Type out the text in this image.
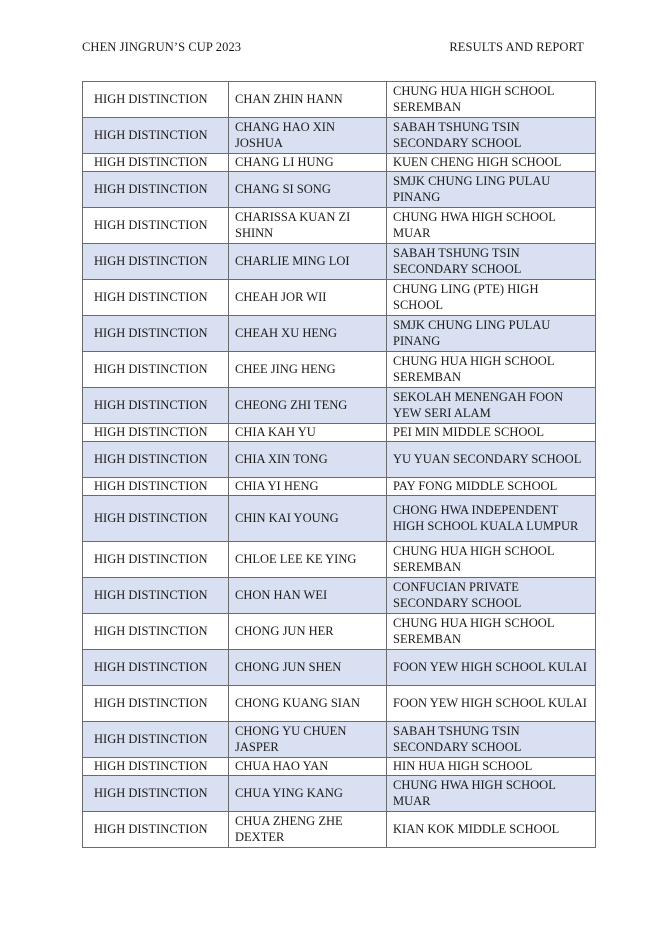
CHEN JINGRUN’S CUP 2023	RESULTS AND REPORT
HIGH DISTINCTION	CHAN ZHIN HANN	CHUNG HUA HIGH SCHOOL SEREMBAN
HIGH DISTINCTION	CHANG HAO XIN JOSHUA	SABAH TSHUNG TSIN SECONDARY SCHOOL
HIGH DISTINCTION	CHANG LI HUNG	KUEN CHENG HIGH SCHOOL
HIGH DISTINCTION	CHANG SI SONG	SMJK CHUNG LING PULAU PINANG
HIGH DISTINCTION	CHARISSA KUAN ZI SHINN	CHUNG HWA HIGH SCHOOL MUAR
HIGH DISTINCTION	CHARLIE MING LOI	SABAH TSHUNG TSIN SECONDARY SCHOOL
HIGH DISTINCTION	CHEAH JOR WII	CHUNG LING (PTE) HIGH SCHOOL
HIGH DISTINCTION	CHEAH XU HENG	SMJK CHUNG LING PULAU PINANG
HIGH DISTINCTION	CHEE JING HENG	CHUNG HUA HIGH SCHOOL SEREMBAN
HIGH DISTINCTION	CHEONG ZHI TENG	SEKOLAH MENENGAH FOON YEW SERI ALAM
HIGH DISTINCTION	CHIA KAH YU	PEI MIN MIDDLE SCHOOL
HIGH DISTINCTION	CHIA XIN TONG	YU YUAN SECONDARY SCHOOL
HIGH DISTINCTION	CHIA YI HENG	PAY FONG MIDDLE SCHOOL
HIGH DISTINCTION	CHIN KAI YOUNG	CHONG HWA INDEPENDENT HIGH SCHOOL KUALA LUMPUR
HIGH DISTINCTION	CHLOE LEE KE YING	CHUNG HUA HIGH SCHOOL SEREMBAN
HIGH DISTINCTION	CHON HAN WEI	CONFUCIAN PRIVATE SECONDARY SCHOOL
HIGH DISTINCTION	CHONG JUN HER	CHUNG HUA HIGH SCHOOL SEREMBAN
HIGH DISTINCTION	CHONG JUN SHEN	FOON YEW HIGH SCHOOL KULAI
HIGH DISTINCTION	CHONG KUANG SIAN	FOON YEW HIGH SCHOOL KULAI
HIGH DISTINCTION	CHONG YU CHUEN JASPER	SABAH TSHUNG TSIN SECONDARY SCHOOL
HIGH DISTINCTION	CHUA HAO YAN	HIN HUA HIGH SCHOOL
HIGH DISTINCTION	CHUA YING KANG	CHUNG HWA HIGH SCHOOL MUAR
HIGH DISTINCTION	CHUA ZHENG ZHE DEXTER	KIAN KOK MIDDLE SCHOOL
